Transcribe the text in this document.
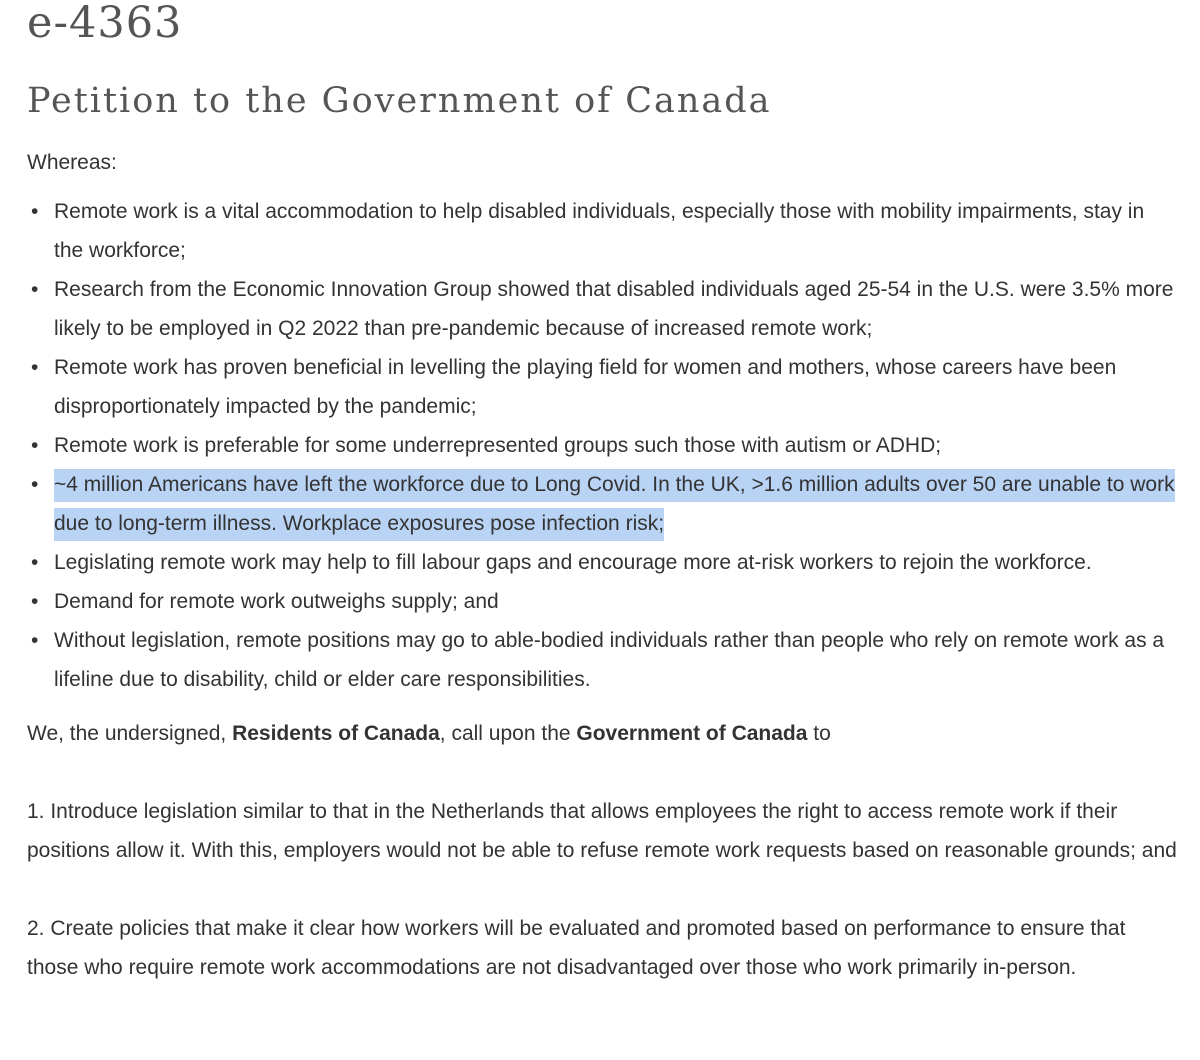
e-4363
Petition to the Government of Canada

Whereas:

• Remote work is a vital accommodation to help disabled individuals, especially those with mobility impairments, stay in the workforce;
• Research from the Economic Innovation Group showed that disabled individuals aged 25-54 in the U.S. were 3.5% more likely to be employed in Q2 2022 than pre-pandemic because of increased remote work;
• Remote work has proven beneficial in levelling the playing field for women and mothers, whose careers have been disproportionately impacted by the pandemic;
• Remote work is preferable for some underrepresented groups such those with autism or ADHD;
• ~4 million Americans have left the workforce due to Long Covid. In the UK, >1.6 million adults over 50 are unable to work due to long-term illness. Workplace exposures pose infection risk;
• Legislating remote work may help to fill labour gaps and encourage more at-risk workers to rejoin the workforce.
• Demand for remote work outweighs supply; and
• Without legislation, remote positions may go to able-bodied individuals rather than people who rely on remote work as a lifeline due to disability, child or elder care responsibilities.

We, the undersigned, Residents of Canada, call upon the Government of Canada to

1. Introduce legislation similar to that in the Netherlands that allows employees the right to access remote work if their positions allow it. With this, employers would not be able to refuse remote work requests based on reasonable grounds; and

2. Create policies that make it clear how workers will be evaluated and promoted based on performance to ensure that those who require remote work accommodations are not disadvantaged over those who work primarily in-person.
